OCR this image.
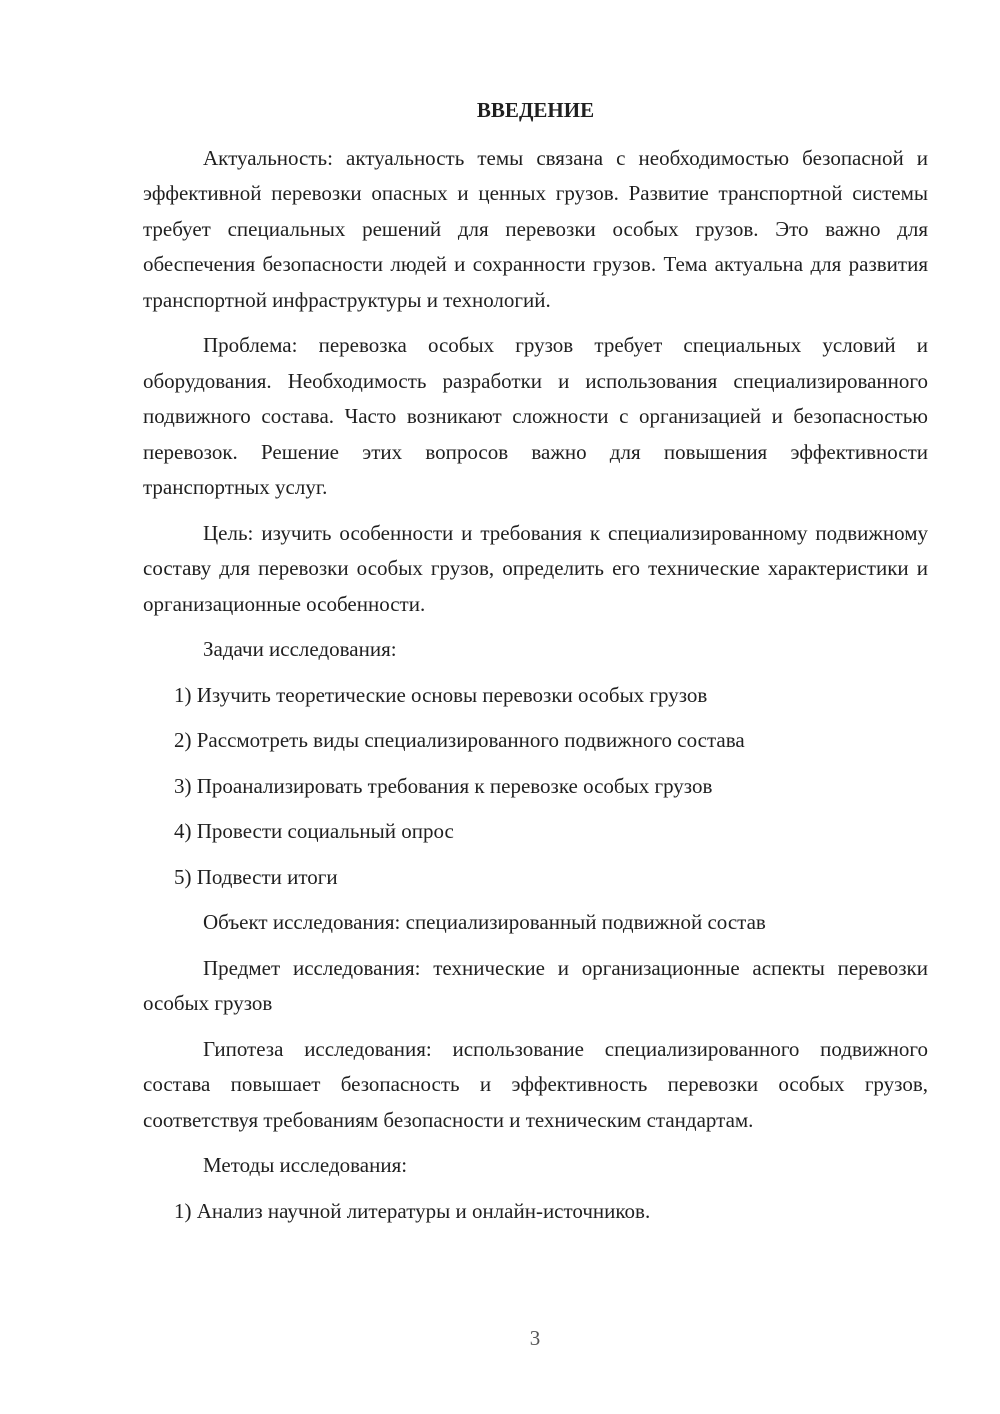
ВВЕДЕНИЕ

Актуальность: актуальность темы связана с необходимостью безопасной и эффективной перевозки опасных и ценных грузов. Развитие транспортной системы требует специальных решений для перевозки особых грузов. Это важно для обеспечения безопасности людей и сохранности грузов. Тема актуальна для развития транспортной инфраструктуры и технологий.

Проблема: перевозка особых грузов требует специальных условий и оборудования. Необходимость разработки и использования специализированного подвижного состава. Часто возникают сложности с организацией и безопасностью перевозок. Решение этих вопросов важно для повышения эффективности транспортных услуг.

Цель: изучить особенности и требования к специализированному подвижному составу для перевозки особых грузов, определить его технические характеристики и организационные особенности.

Задачи исследования:

1) Изучить теоретические основы перевозки особых грузов
2) Рассмотреть виды специализированного подвижного состава
3) Проанализировать требования к перевозке особых грузов
4) Провести социальный опрос
5) Подвести итоги

Объект исследования: специализированный подвижной состав

Предмет исследования: технические и организационные аспекты перевозки особых грузов

Гипотеза исследования: использование специализированного подвижного состава повышает безопасность и эффективность перевозки особых грузов, соответствуя требованиям безопасности и техническим стандартам.

Методы исследования:

1) Анализ научной литературы и онлайн-источников.
3
